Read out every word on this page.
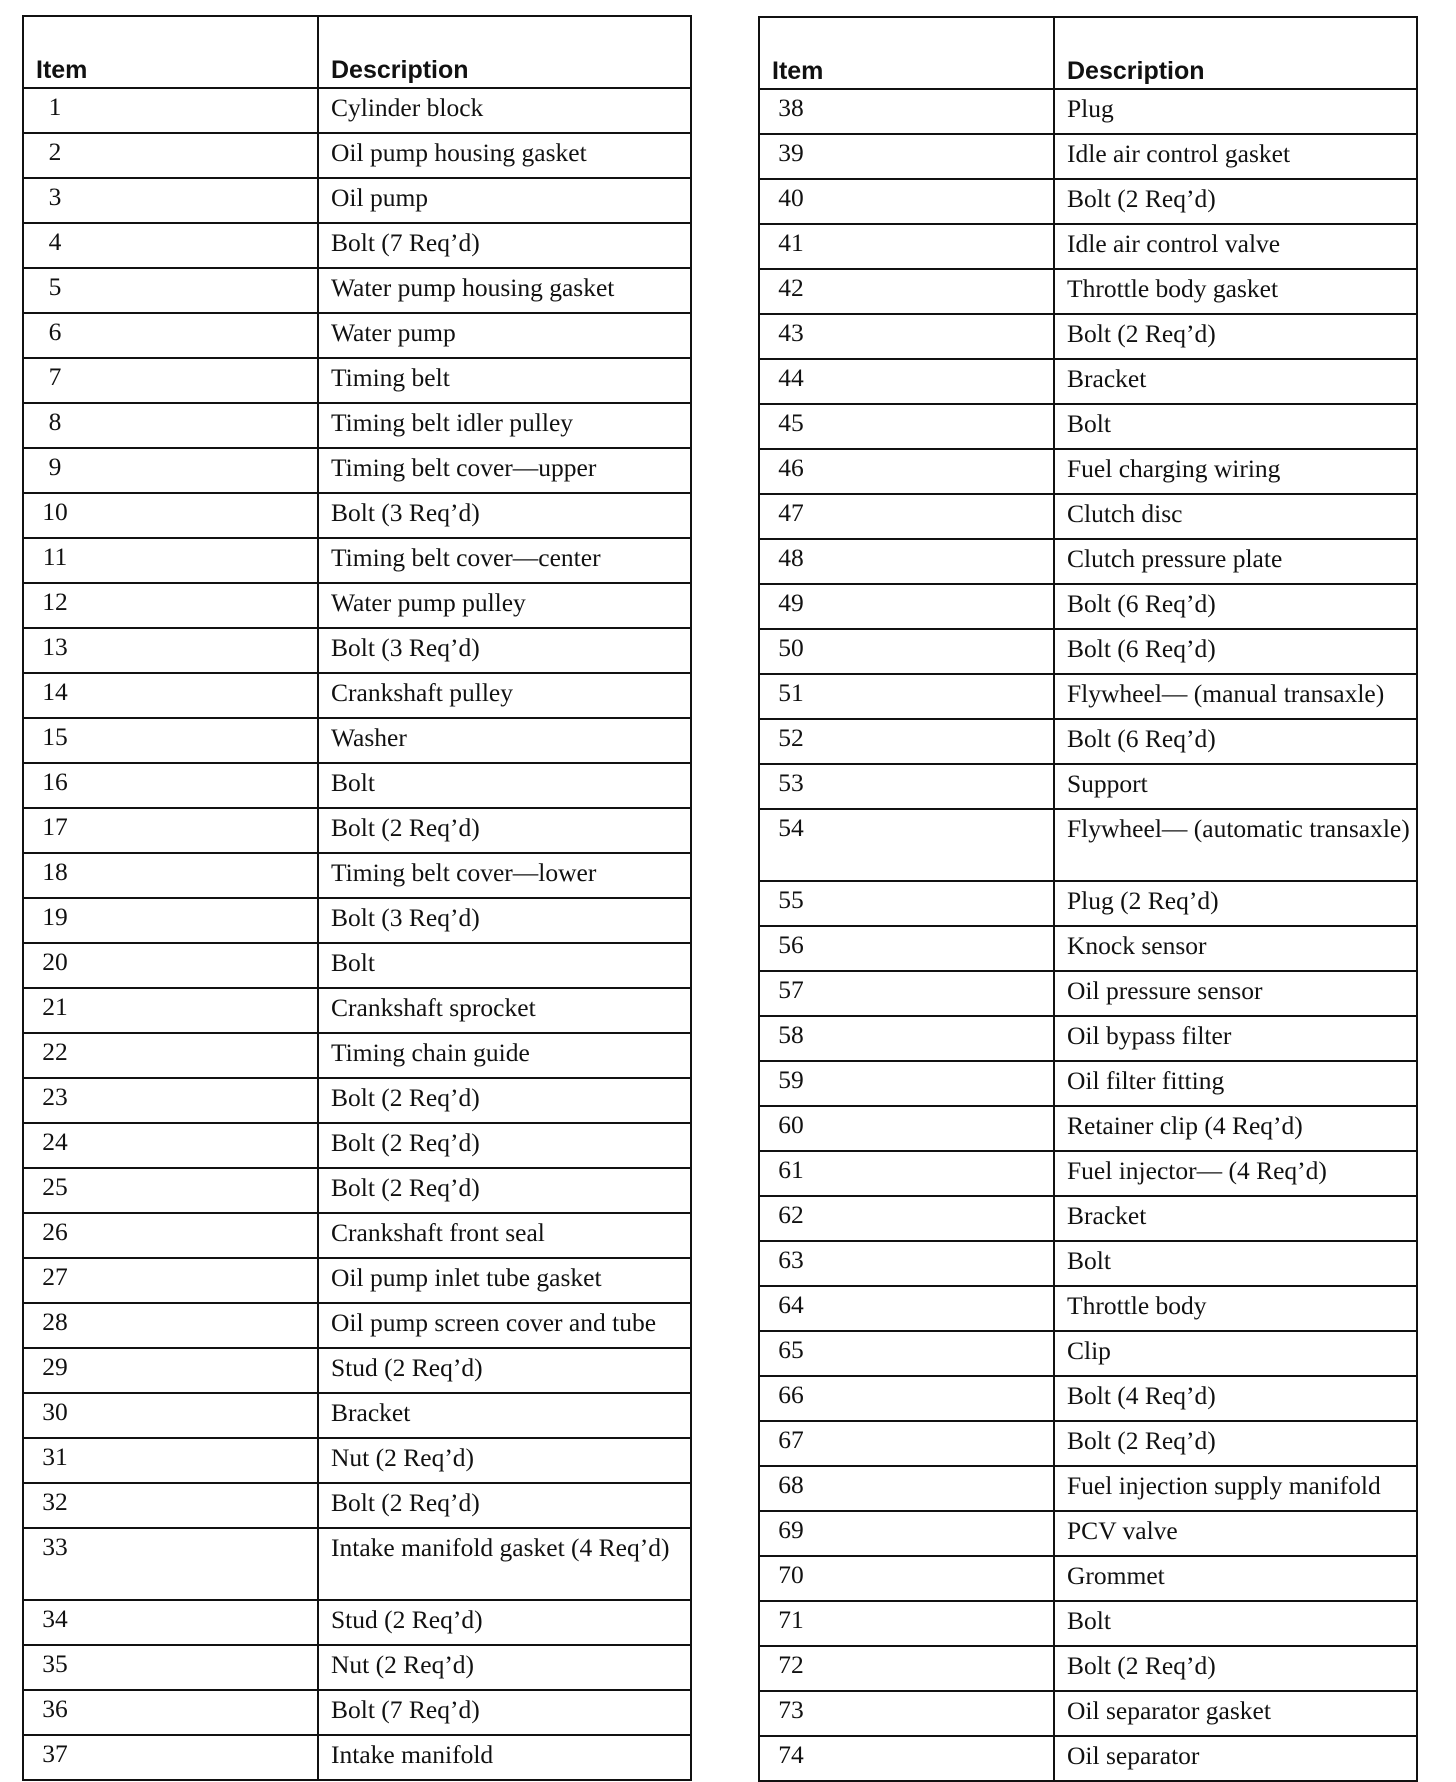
Item	Description

1	Cylinder block

2	Oil pump housing gasket

3	Oil pump

4	Bolt (7 Req’d)

5	Water pump housing gasket

6	Water pump

7	Timing belt

8	Timing belt idler pulley

9	Timing belt cover—upper

10	Bolt (3 Req’d)

11	Timing belt cover—center

12	Water pump pulley

13	Bolt (3 Req’d)

14	Crankshaft pulley

15	Washer

16	Bolt

17	Bolt (2 Req’d)

18	Timing belt cover—lower

19	Bolt (3 Req’d)

20	Bolt

21	Crankshaft sprocket

22	Timing chain guide

23	Bolt (2 Req’d)

24	Bolt (2 Req’d)

25	Bolt (2 Req’d)

26	Crankshaft front seal

27	Oil pump inlet tube gasket

28	Oil pump screen cover and tube

29	Stud (2 Req’d)

30	Bracket

31	Nut (2 Req’d)

32	Bolt (2 Req’d)

33	Intake manifold gasket (4 Req’d)

34	Stud (2 Req’d)

35	Nut (2 Req’d)

36	Bolt (7 Req’d)

37	Intake manifold
Item	Description

38	Plug

39	Idle air control gasket

40	Bolt (2 Req’d)

41	Idle air control valve

42	Throttle body gasket

43	Bolt (2 Req’d)

44	Bracket

45	Bolt

46	Fuel charging wiring

47	Clutch disc

48	Clutch pressure plate

49	Bolt (6 Req’d)

50	Bolt (6 Req’d)

51	Flywheel— (manual transaxle)

52	Bolt (6 Req’d)

53	Support

54	Flywheel— (automatic transaxle)

55	Plug (2 Req’d)

56	Knock sensor

57	Oil pressure sensor

58	Oil bypass filter

59	Oil filter fitting

60	Retainer clip (4 Req’d)

61	Fuel injector— (4 Req’d)

62	Bracket

63	Bolt

64	Throttle body

65	Clip

66	Bolt (4 Req’d)

67	Bolt (2 Req’d)

68	Fuel injection supply manifold

69	PCV valve

70	Grommet

71	Bolt

72	Bolt (2 Req’d)

73	Oil separator gasket

74	Oil separator
